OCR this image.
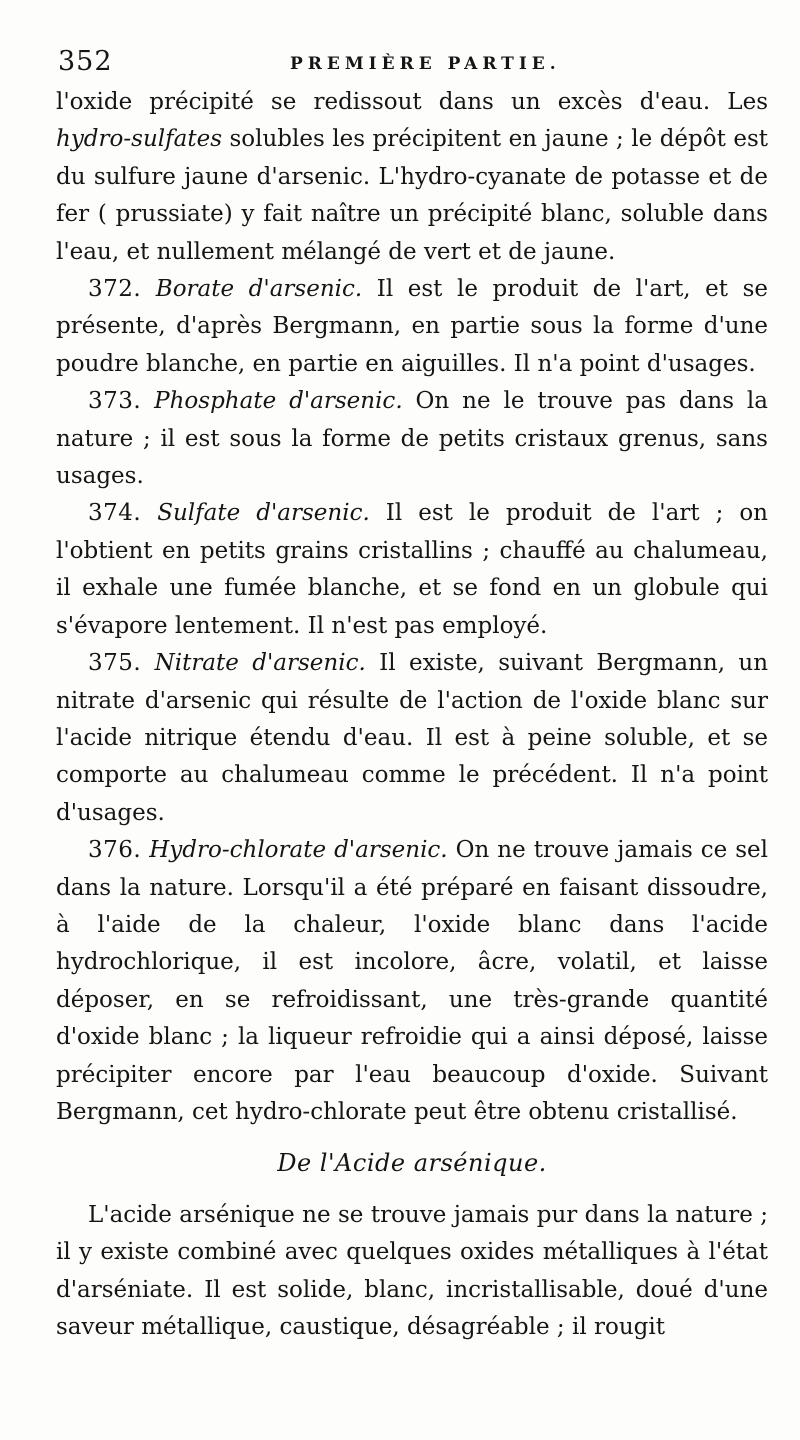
352	PREMIÈRE PARTIE.

l'oxide précipité se redissout dans un excès d'eau. Les hydro-sulfates solubles les précipitent en jaune ; le dépôt est du sulfure jaune d'arsenic. L'hydro-cyanate de potasse et de fer ( prussiate) y fait naître un précipité blanc, soluble dans l'eau, et nullement mélangé de vert et de jaune.

372. Borate d'arsenic. Il est le produit de l'art, et se présente, d'après Bergmann, en partie sous la forme d'une poudre blanche, en partie en aiguilles. Il n'a point d'usages.

373. Phosphate d'arsenic. On ne le trouve pas dans la nature ; il est sous la forme de petits cristaux grenus, sans usages.

374. Sulfate d'arsenic. Il est le produit de l'art ; on l'obtient en petits grains cristallins ; chauffé au chalumeau, il exhale une fumée blanche, et se fond en un globule qui s'évapore lentement. Il n'est pas employé.

375. Nitrate d'arsenic. Il existe, suivant Bergmann, un nitrate d'arsenic qui résulte de l'action de l'oxide blanc sur l'acide nitrique étendu d'eau. Il est à peine soluble, et se comporte au chalumeau comme le précédent. Il n'a point d'usages.

376. Hydro-chlorate d'arsenic. On ne trouve jamais ce sel dans la nature. Lorsqu'il a été préparé en faisant dissoudre, à l'aide de la chaleur, l'oxide blanc dans l'acide hydrochlorique, il est incolore, âcre, volatil, et laisse déposer, en se refroidissant, une très-grande quantité d'oxide blanc ; la liqueur refroidie qui a ainsi déposé, laisse précipiter encore par l'eau beaucoup d'oxide. Suivant Bergmann, cet hydro-chlorate peut être obtenu cristallisé.

De l'Acide arsénique.

L'acide arsénique ne se trouve jamais pur dans la nature ; il y existe combiné avec quelques oxides métalliques à l'état d'arséniate. Il est solide, blanc, incristallisable, doué d'une saveur métallique, caustique, désagréable ; il rougit
